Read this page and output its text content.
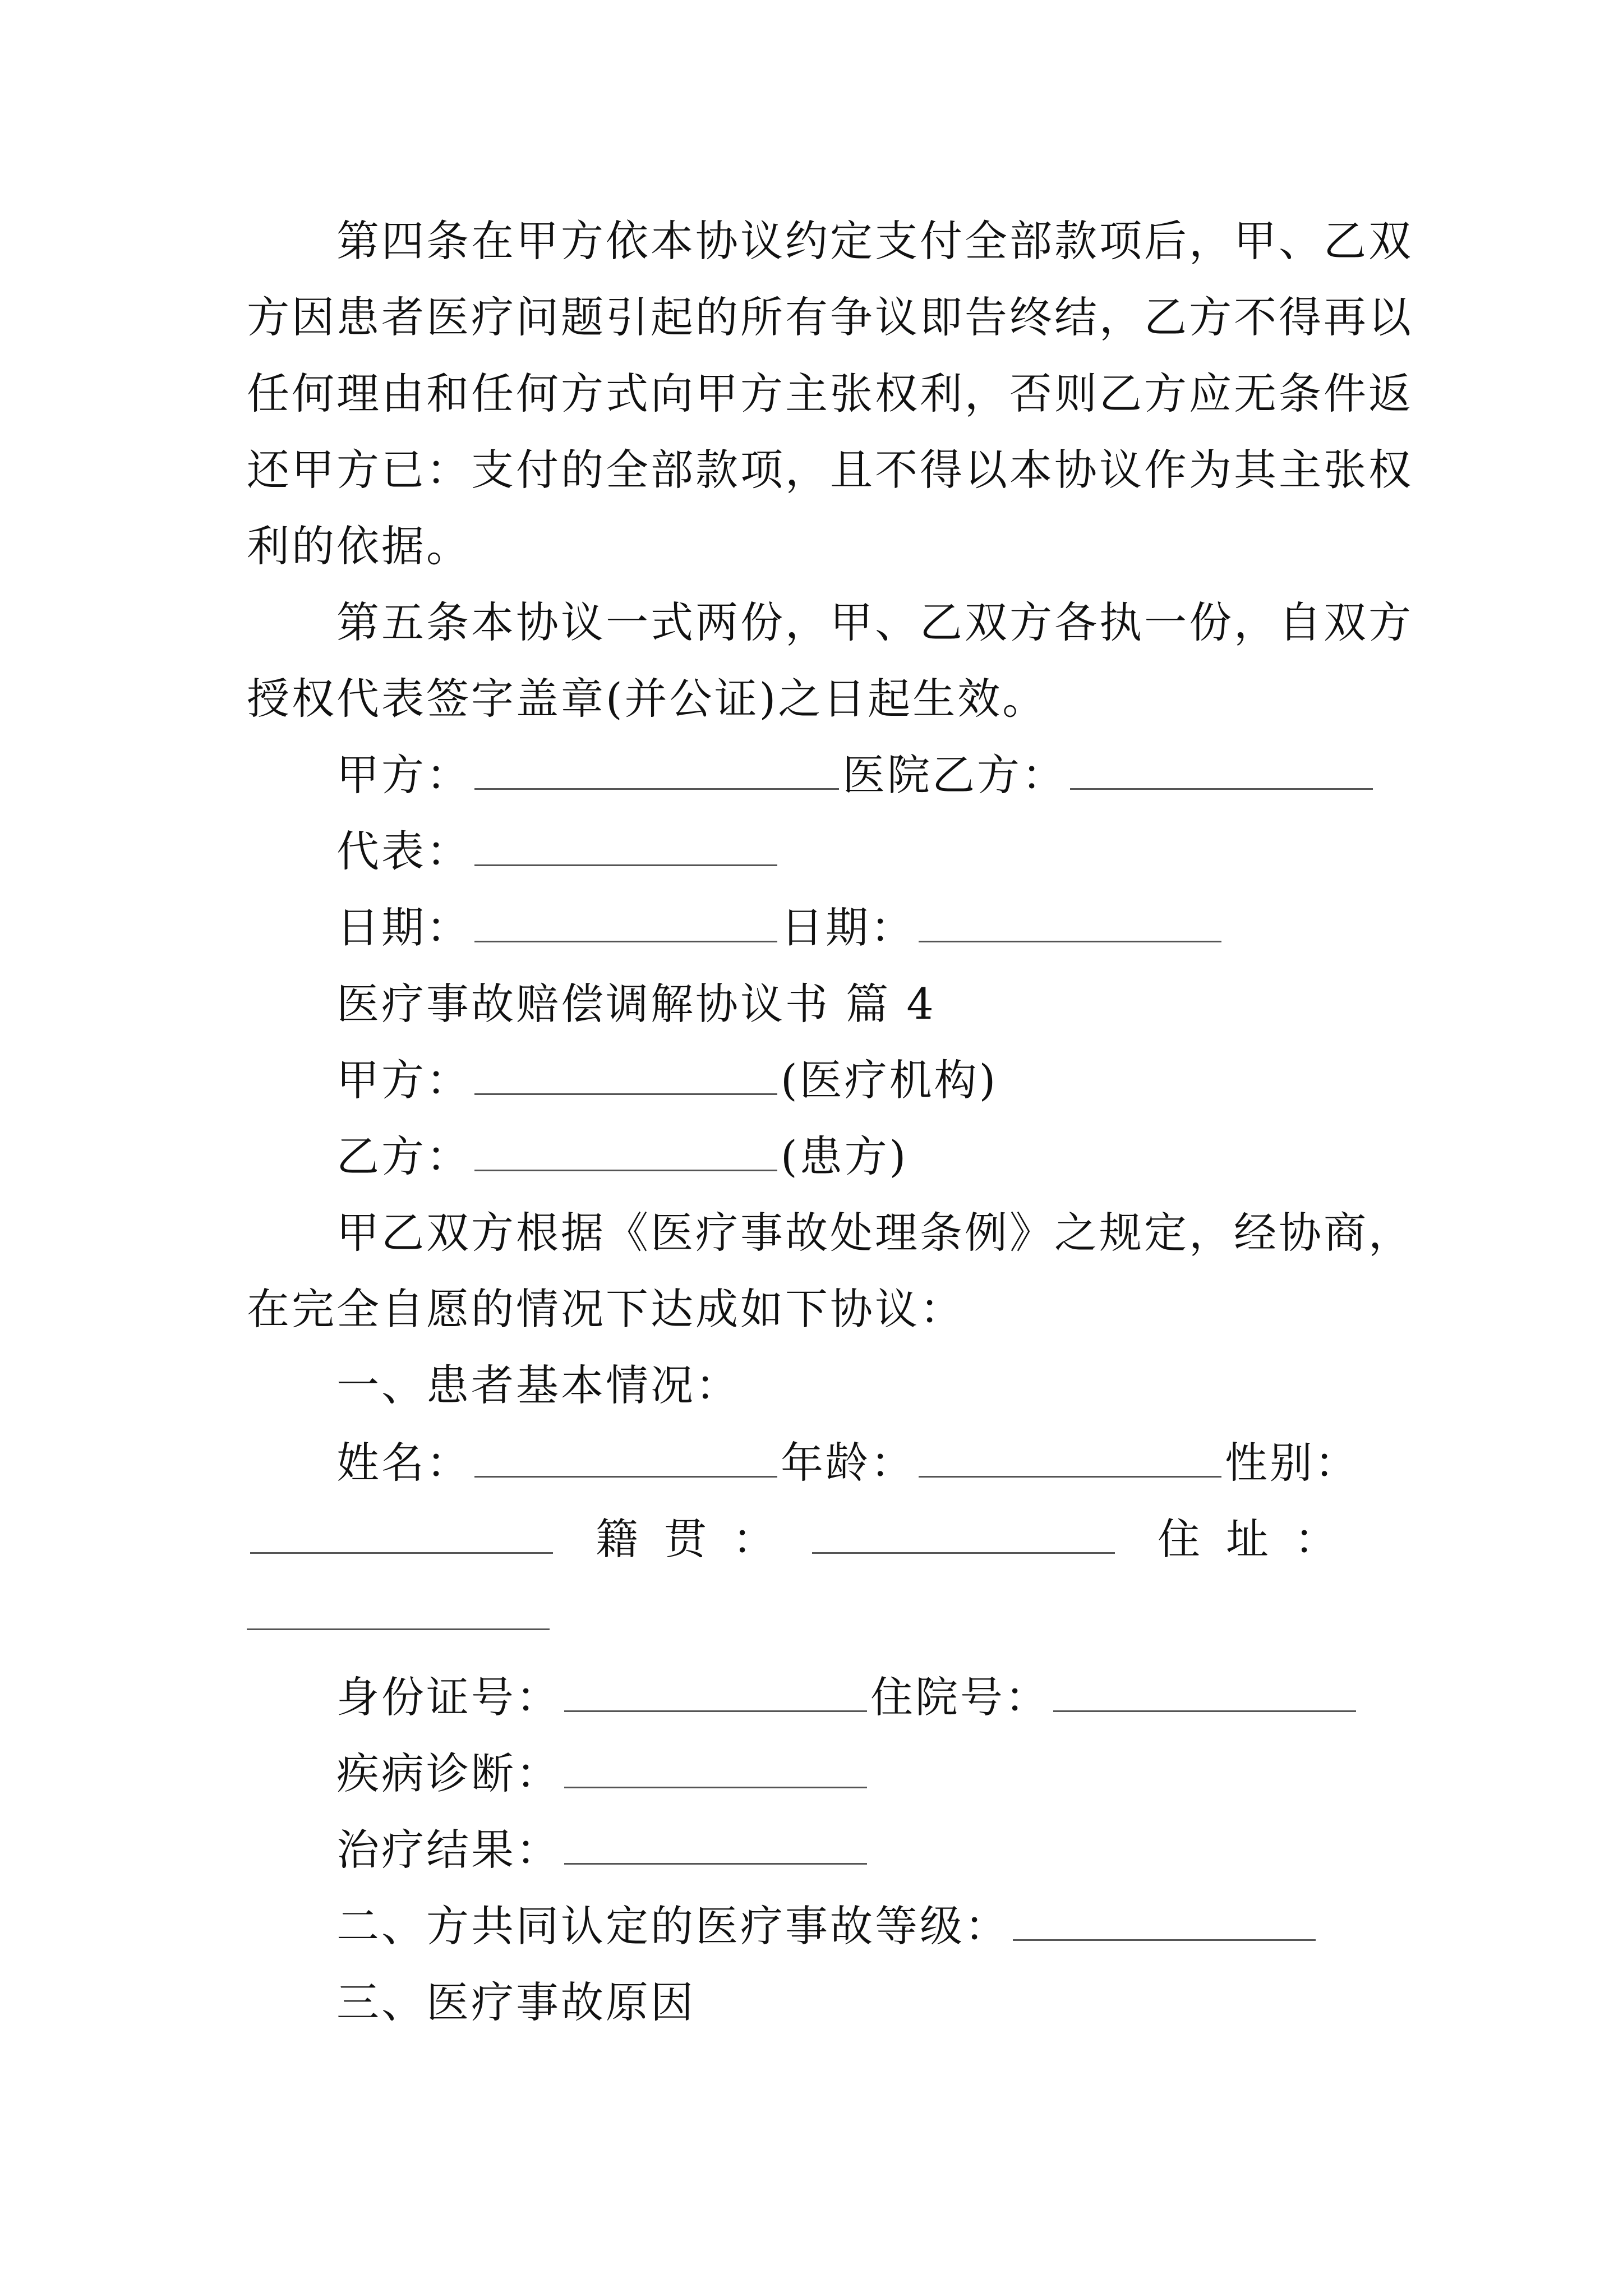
第四条在甲方依本协议约定支付全部款项后，甲、乙双
方因患者医疗问题引起的所有争议即告终结，乙方不得再以
任何理由和任何方式向甲方主张权利，否则乙方应无条件返
还甲方已：支付的全部款项，且不得以本协议作为其主张权
利的依据。
第五条本协议一式两份，甲、乙双方各执一份，自双方
授权代表签字盖章(并公证)之日起生效。
甲方：	医院乙方：
代表：
日期：	日期：
医疗事故赔偿调解协议书 篇 4
甲方：	(医疗机构)
乙方：	(患方)
甲乙双方根据《医疗事故处理条例》之规定，经协商，
在完全自愿的情况下达成如下协议：
一、患者基本情况：
姓名：	年龄：	性别：
籍贯：	住址：
身份证号：	住院号：
疾病诊断：
治疗结果：
二、方共同认定的医疗事故等级：
三、医疗事故原因
